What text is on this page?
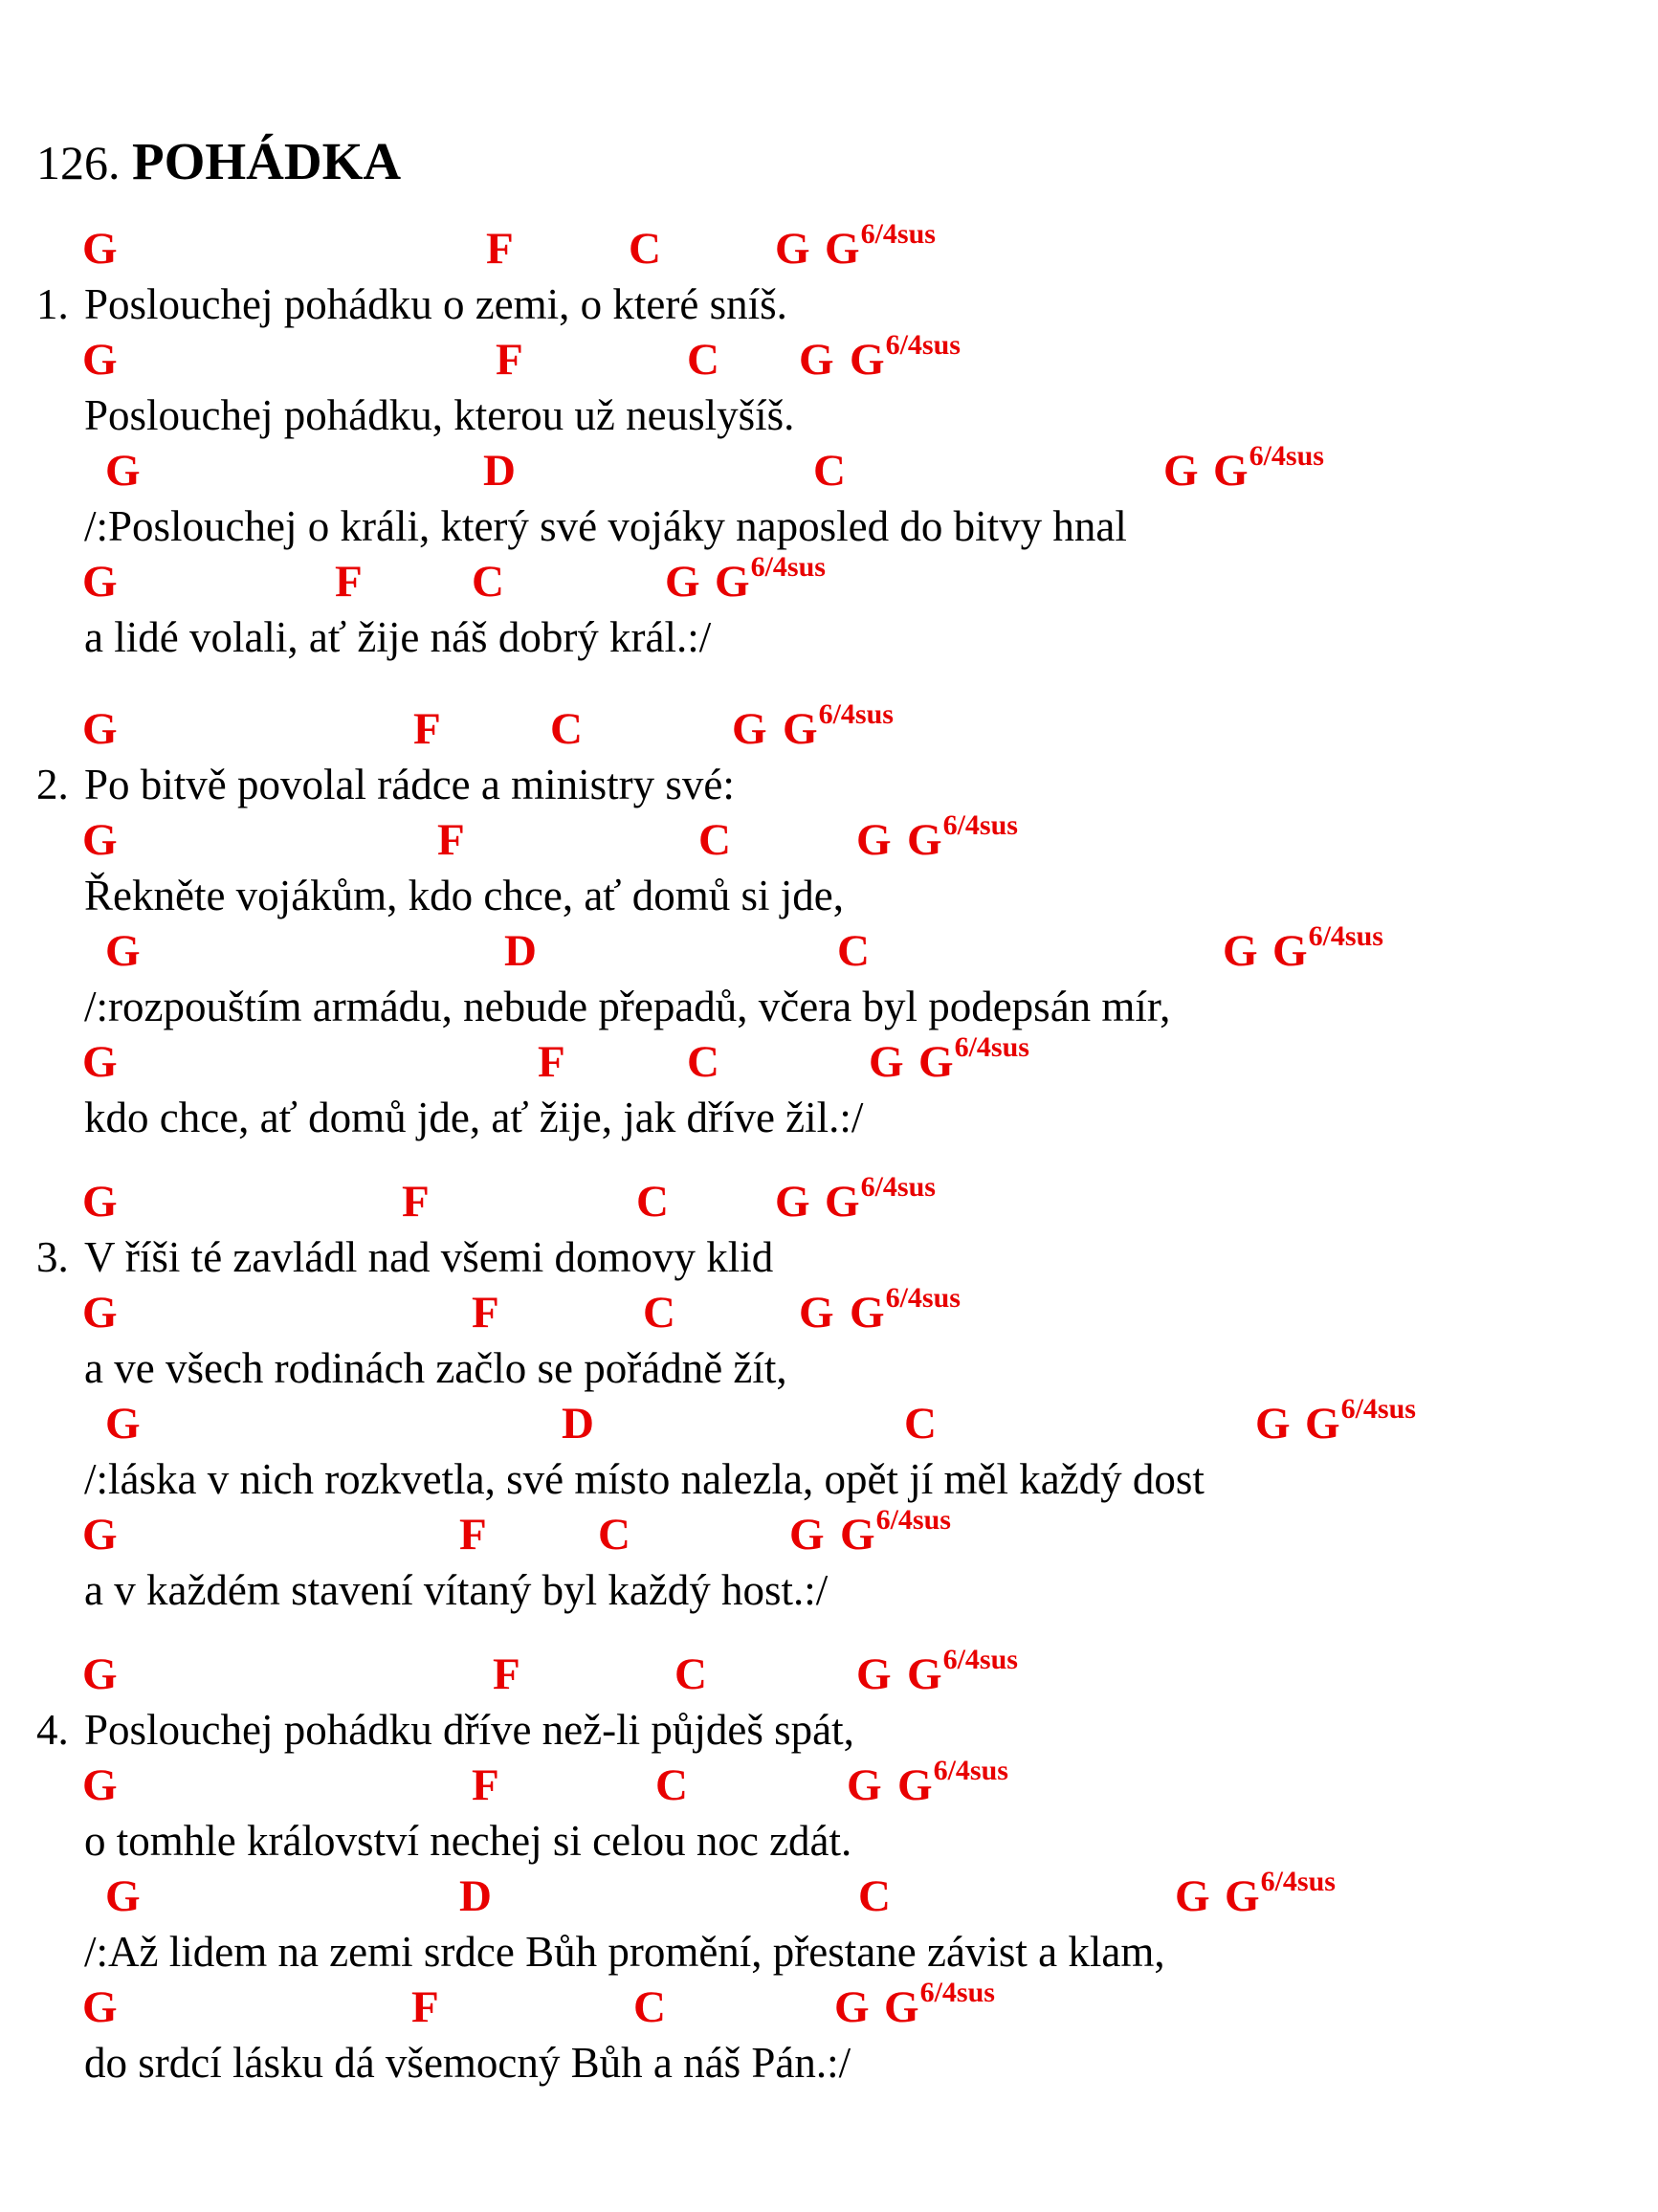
126. POHÁDKA
G	F	C	G $G^{6/4sus}$
1. Poslouchej pohádku o zemi, o které sníš.
G	F	C G $G^{6/4sus}$
Poslouchej pohádku, kterou už neuslyšíš.
G	D	C	G $G^{6/4sus}$
/:Poslouchej o králi, který své vojáky naposled do bitvy hnal
G	F C	G $G^{6/4sus}$
a lidé volali, ať žije náš dobrý král.:/
G	F C	G $G^{6/4sus}$
2. Po bitvě povolal rádce a ministry své:
G	F	C	G $G^{6/4sus}$
Řekněte vojákům, kdo chce, ať domů si jde,
G	D	C	G $G^{6/4sus}$
/:rozpouštím armádu, nebude přepadů, včera byl podepsán mír,
G	F	C	G $G^{6/4sus}$
kdo chce, ať domů jde, ať žije, jak dříve žil.:/
G	F	C G $G^{6/4sus}$
3. V říši té zavládl nad všemi domovy klid
G	F	C	G $G^{6/4sus}$
a ve všech rodinách začlo se pořádně žít,
G	D	C	G $G^{6/4sus}$
/:láska v nich rozkvetla, své místo nalezla, opět jí měl každý dost
G	F C	G $G^{6/4sus}$
a v každém stavení vítaný byl každý host.:/
G	F	C	G $G^{6/4sus}$
4. Poslouchej pohádku dříve než-li půjdeš spát,
G	F	C	G $G^{6/4sus}$
o tomhle království nechej si celou noc zdát.
G	D	C	G $G^{6/4sus}$
/:Až lidem na zemi srdce Bůh promění, přestane závist a klam,
G	F	C	G $G^{6/4sus}$
do srdcí lásku dá všemocný Bůh a náš Pán.:/
